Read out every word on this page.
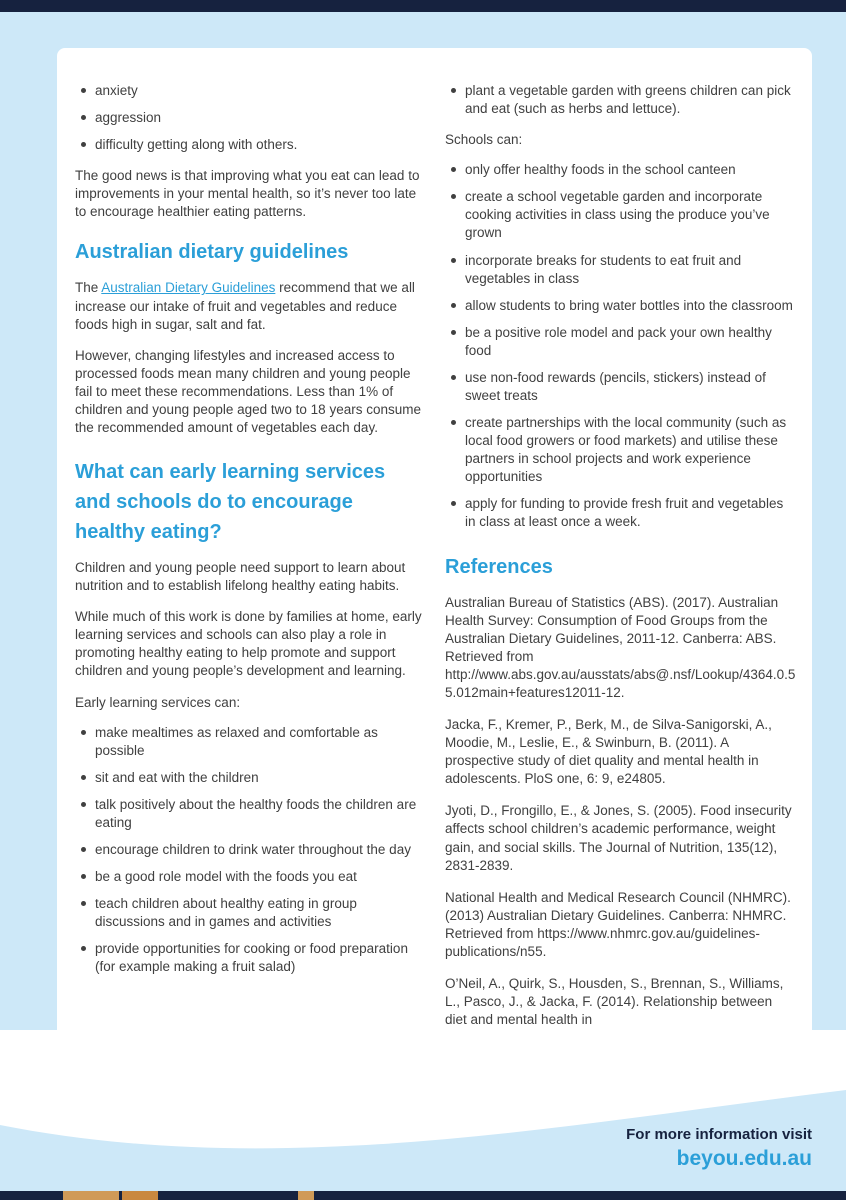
anxiety
aggression
difficulty getting along with others.

The good news is that improving what you eat can lead to improvements in your mental health, so it’s never too late to encourage healthier eating patterns.

Australian dietary guidelines

The Australian Dietary Guidelines recommend that we all increase our intake of fruit and vegetables and reduce foods high in sugar, salt and fat.

However, changing lifestyles and increased access to processed foods mean many children and young people fail to meet these recommendations. Less than 1% of children and young people aged two to 18 years consume the recommended amount of vegetables each day.

What can early learning services and schools do to encourage healthy eating?

Children and young people need support to learn about nutrition and to establish lifelong healthy eating habits.

While much of this work is done by families at home, early learning services and schools can also play a role in promoting healthy eating to help promote and support children and young people’s development and learning.

Early learning services can:

make mealtimes as relaxed and comfortable as possible
sit and eat with the children
talk positively about the healthy foods the children are eating
encourage children to drink water throughout the day
be a good role model with the foods you eat
teach children about healthy eating in group discussions and in games and activities
provide opportunities for cooking or food preparation (for example making a fruit salad)
plant a vegetable garden with greens children can pick and eat (such as herbs and lettuce).

Schools can:

only offer healthy foods in the school canteen
create a school vegetable garden and incorporate cooking activities in class using the produce you’ve grown
incorporate breaks for students to eat fruit and vegetables in class
allow students to bring water bottles into the classroom
be a positive role model and pack your own healthy food
use non-food rewards (pencils, stickers) instead of sweet treats
create partnerships with the local community (such as local food growers or food markets) and utilise these partners in school projects and work experience opportunities
apply for funding to provide fresh fruit and vegetables in class at least once a week.
References

Australian Bureau of Statistics (ABS). (2017). Australian Health Survey: Consumption of Food Groups from the Australian Dietary Guidelines, 2011-12. Canberra: ABS. Retrieved from http://www.abs.gov.au/ausstats/abs@.nsf/Lookup/4364.0.55.012main+features12011-12.

Jacka, F., Kremer, P., Berk, M., de Silva-Sanigorski, A., Moodie, M., Leslie, E., & Swinburn, B. (2011). A prospective study of diet quality and mental health in adolescents. PloS one, 6: 9, e24805.

Jyoti, D., Frongillo, E., & Jones, S. (2005). Food insecurity affects school children’s academic performance, weight gain, and social skills. The Journal of Nutrition, 135(12), 2831-2839.

National Health and Medical Research Council (NHMRC). (2013) Australian Dietary Guidelines. Canberra: NHMRC. Retrieved from https://www.nhmrc.gov.au/guidelines-publications/n55.

O’Neil, A., Quirk, S., Housden, S., Brennan, S., Williams, L., Pasco, J., & Jacka, F. (2014). Relationship between diet and mental health in

For more information visit
beyou.edu.au
